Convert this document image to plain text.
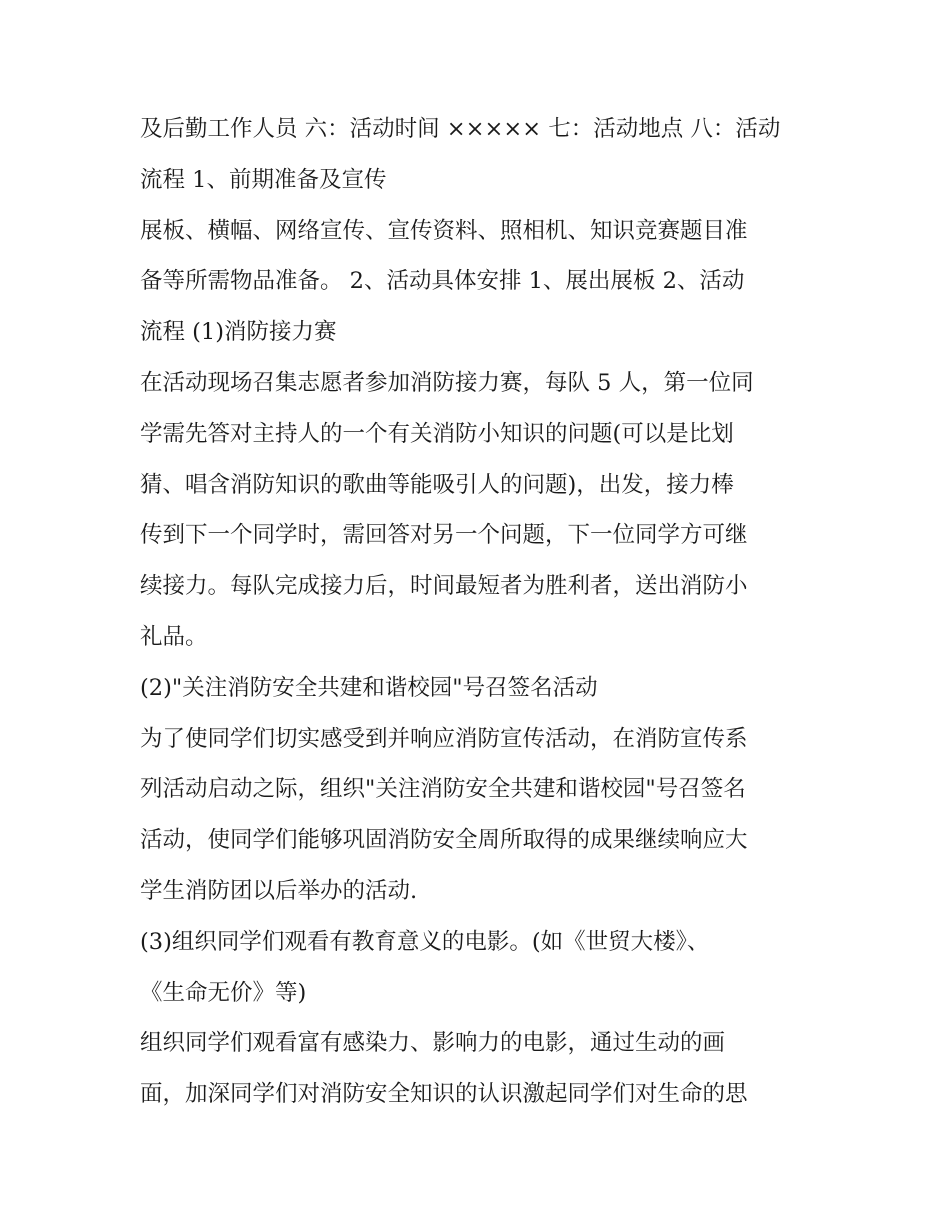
及后勤工作人员 六：活动时间 ××××× 七：活动地点 八：活动
流程 1、前期准备及宣传
展板、横幅、网络宣传、宣传资料、照相机、知识竞赛题目准
备等所需物品准备。 2、活动具体安排 1、展出展板 2、活动
流程 (1)消防接力赛
在活动现场召集志愿者参加消防接力赛，每队 5 人，第一位同
学需先答对主持人的一个有关消防小知识的问题(可以是比划
猜、唱含消防知识的歌曲等能吸引人的问题)，出发，接力棒
传到下一个同学时，需回答对另一个问题，下一位同学方可继
续接力。每队完成接力后，时间最短者为胜利者，送出消防小
礼品。
(2)"关注消防安全共建和谐校园"号召签名活动
为了使同学们切实感受到并响应消防宣传活动，在消防宣传系
列活动启动之际，组织"关注消防安全共建和谐校园"号召签名
活动，使同学们能够巩固消防安全周所取得的成果继续响应大
学生消防团以后举办的活动.
(3)组织同学们观看有教育意义的电影。(如《世贸大楼》、
《生命无价》等)
组织同学们观看富有感染力、影响力的电影，通过生动的画
面，加深同学们对消防安全知识的认识激起同学们对生命的思
